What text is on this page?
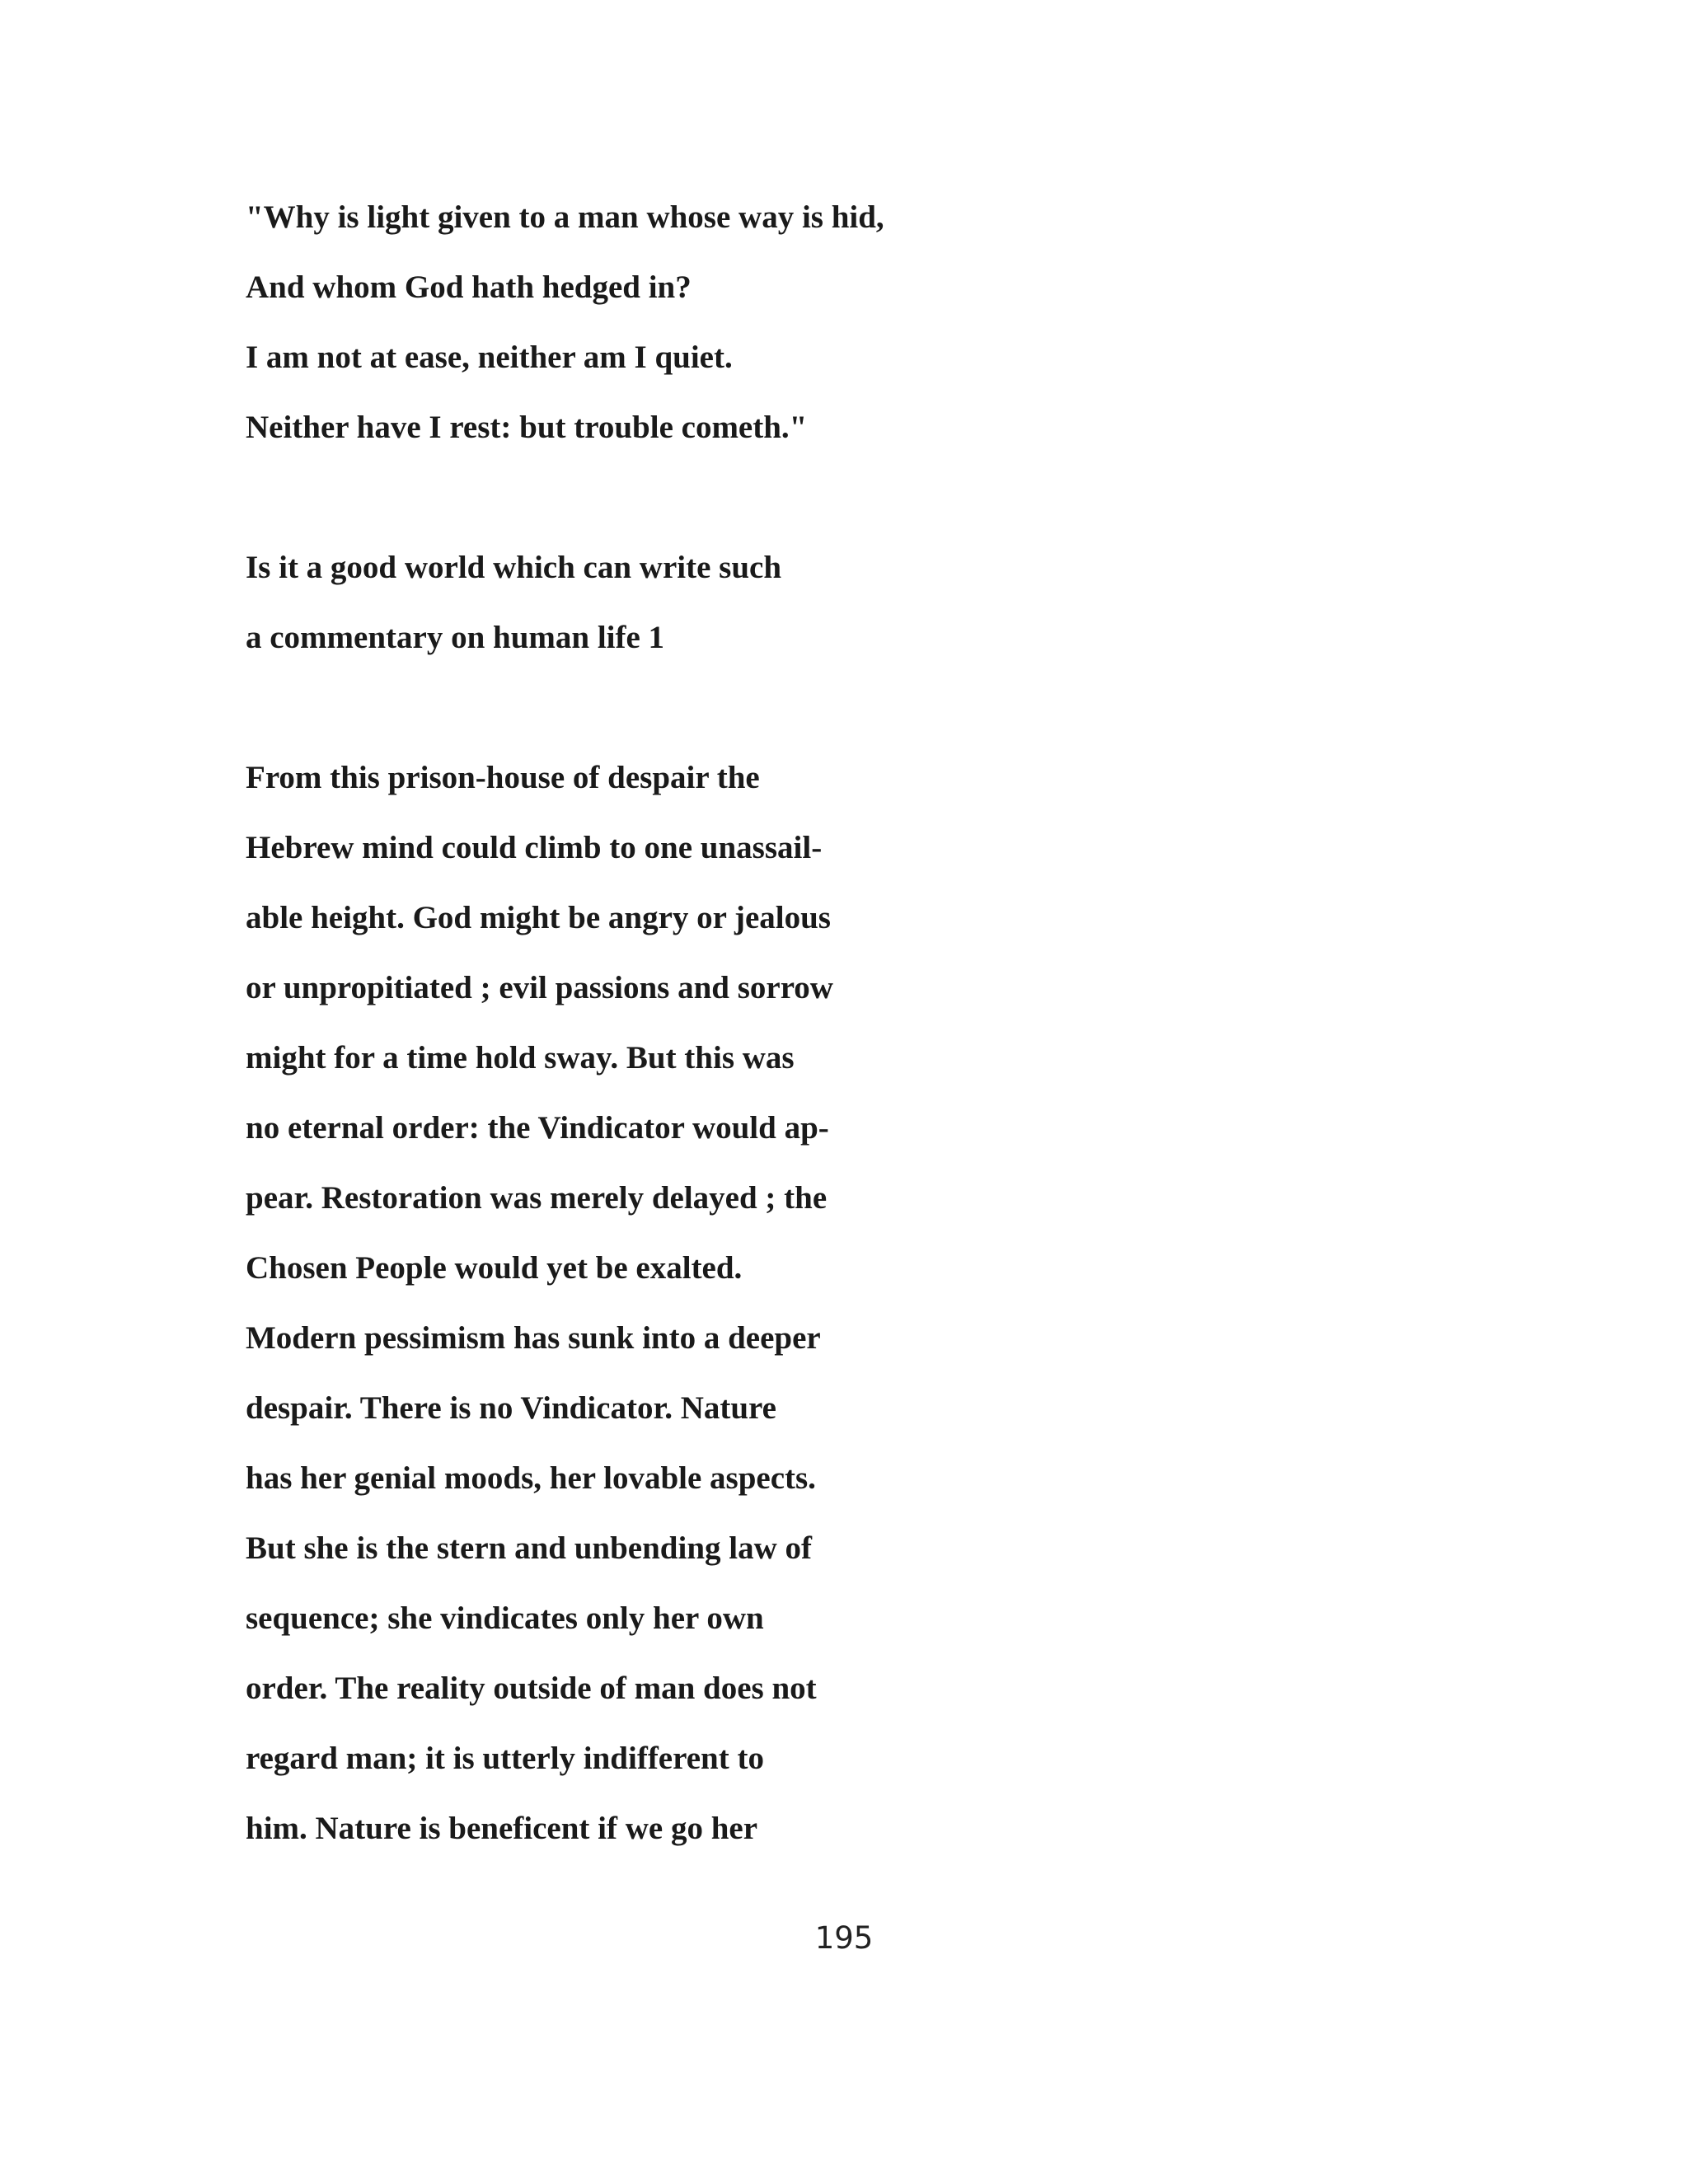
"Why is light given to a man whose way is hid,
And whom God hath hedged in?
I am not at ease, neither am I quiet.
Neither have I rest: but trouble cometh."
Is it a good world which can write such
a commentary on human life 1
From this prison-house of despair the
Hebrew mind could climb to one unassail-
able height. God might be angry or jealous
or unpropitiated ; evil passions and sorrow
might for a time hold sway. But this was
no eternal order: the Vindicator would ap-
pear. Restoration was merely delayed ; the
Chosen People would yet be exalted.
Modern pessimism has sunk into a deeper
despair. There is no Vindicator. Nature
has her genial moods, her lovable aspects.
But she is the stern and unbending law of
sequence; she vindicates only her own
order. The reality outside of man does not
regard man; it is utterly indifferent to
him. Nature is beneficent if we go her
195
